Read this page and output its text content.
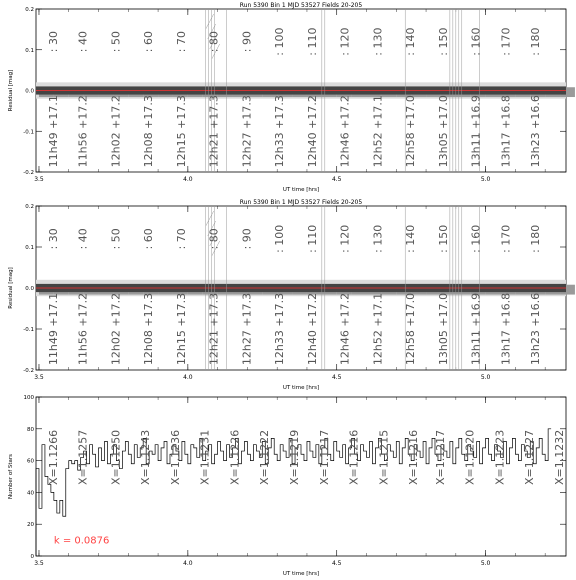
3.5	4.0	4.5	5.0
-0.2
-0.1
0.0
0.1
0.2
UT time [hrs]
Residual [mag]
Run 5390 Bin 1 MJD 53527 Fields 20-205
: 30 : 40 : 50 : 60 : 70 : 80 : 90 : 100 : 110 : 120 : 130 : 140 : 150 : 160 : 170 : 180
11h49 +17.1 11h56 +17.2 12h02 +17.2 12h08 +17.3 12h15 +17.3 12h21 +17.3 12h27 +17.3 12h33 +17.3 12h40 +17.2 12h46 +17.2 12h52 +17.1 12h58 +17.0 13h05 +17.0 13h11 +16.9 13h17 +16.8 13h23 +16.6
3.5	4.0	4.5	5.0
-0.2
-0.1
0.0
0.1
0.2
UT time [hrs]
Residual [mag]
Run 5390 Bin 1 MJD 53527 Fields 20-205
: 30 : 40 : 50 : 60 : 70 : 80 : 90 : 100 : 110 : 120 : 130 : 140 : 150 : 160 : 170 : 180
11h49 +17.1 11h56 +17.2 12h02 +17.2 12h08 +17.3 12h15 +17.3 12h21 +17.3 12h27 +17.3 12h33 +17.3 12h40 +17.2 12h46 +17.2 12h52 +17.1 12h58 +17.0 13h05 +17.0 13h11 +16.9 13h17 +16.8 13h23 +16.6
3.5	4.0	4.5	5.0
0
20
40
60
80
100
UT time [hrs]
Number of Stars	X=1.1266 X=1.1257 X=1.1250 X=1.1243 X=1.1236 X=1.1231 X=1.1226 X=1.1222 X=1.1219 X=1.1217 X=1.1216 X=1.1215 X=1.1216 X=1.1217 X=1.1220 X=1.1223 X=1.1227 X=1.1232
k = 0.0876
